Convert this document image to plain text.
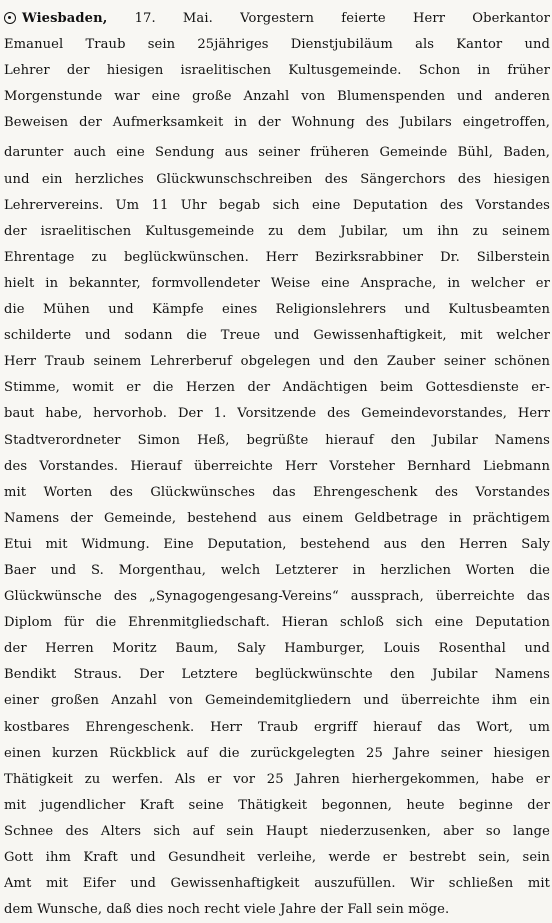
Wiesbaden, 17. Mai. Vorgestern feierte Herr Oberkantor
Emanuel Traub sein 25jähriges Dienstjubiläum als Kantor und
Lehrer der hiesigen israelitischen Kultusgemeinde. Schon in früher
Morgenstunde war eine große Anzahl von Blumenspenden und anderen
Beweisen der Aufmerksamkeit in der Wohnung des Jubilars eingetroffen,
darunter auch eine Sendung aus seiner früheren Gemeinde Bühl, Baden,
und ein herzliches Glückwunschschreiben des Sängerchors des hiesigen
Lehrervereins. Um 11 Uhr begab sich eine Deputation des Vorstandes
der israelitischen Kultusgemeinde zu dem Jubilar, um ihn zu seinem
Ehrentage zu beglückwünschen. Herr Bezirksrabbiner Dr. Silberstein
hielt in bekannter, formvollendeter Weise eine Ansprache, in welcher er
die Mühen und Kämpfe eines Religionslehrers und Kultusbeamten
schilderte und sodann die Treue und Gewissenhaftigkeit, mit welcher
Herr Traub seinem Lehrerberuf obgelegen und den Zauber seiner schönen
Stimme, womit er die Herzen der Andächtigen beim Gottesdienste er-
baut habe, hervorhob. Der 1. Vorsitzende des Gemeindevorstandes, Herr
Stadtverordneter Simon Heß, begrüßte hierauf den Jubilar Namens
des Vorstandes. Hierauf überreichte Herr Vorsteher Bernhard Liebmann
mit Worten des Glückwünsches das Ehrengeschenk des Vorstandes
Namens der Gemeinde, bestehend aus einem Geldbetrage in prächtigem
Etui mit Widmung. Eine Deputation, bestehend aus den Herren Saly
Baer und S. Morgenthau, welch Letzterer in herzlichen Worten die
Glückwünsche des „Synagogengesang-Vereins“ aussprach, überreichte das
Diplom für die Ehrenmitgliedschaft. Hieran schloß sich eine Deputation
der Herren Moritz Baum, Saly Hamburger, Louis Rosenthal und
Bendikt Straus. Der Letztere beglückwünschte den Jubilar Namens
einer großen Anzahl von Gemeindemitgliedern und überreichte ihm ein
kostbares Ehrengeschenk. Herr Traub ergriff hierauf das Wort, um
einen kurzen Rückblick auf die zurückgelegten 25 Jahre seiner hiesigen
Thätigkeit zu werfen. Als er vor 25 Jahren hierhergekommen, habe er
mit jugendlicher Kraft seine Thätigkeit begonnen, heute beginne der
Schnee des Alters sich auf sein Haupt niederzusenken, aber so lange
Gott ihm Kraft und Gesundheit verleihe, werde er bestrebt sein, sein
Amt mit Eifer und Gewissenhaftigkeit auszufüllen. Wir schließen mit
dem Wunsche, daß dies noch recht viele Jahre der Fall sein möge.
